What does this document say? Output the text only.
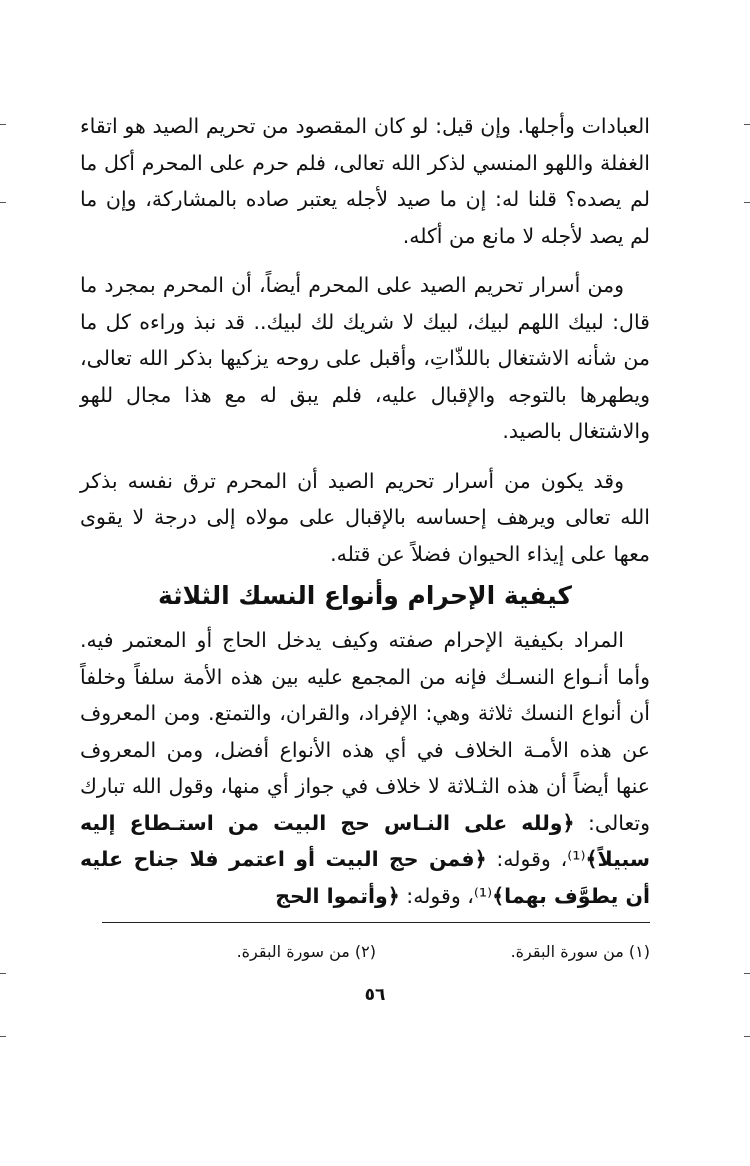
العبادات وأجلها. وإن قيل: لو كان المقصود من تحريم الصيد هو اتقاء الغفلة واللهو المنسي لذكر الله تعالى، فلم حرم على المحرم أكل ما لم يصده؟ قلنا له: إن ما صيد لأجله يعتبر صاده بالمشاركة، وإن ما لم يصد لأجله لا مانع من أكله.

ومن أسرار تحريم الصيد على المحرم أيضاً، أن المحرم بمجرد ما قال: لبيك اللهم لبيك، لبيك لا شريك لك لبيك.. قد نبذ وراءه كل ما من شأنه الاشتغال باللذّاتِ، وأقبل على روحه يزكيها بذكر الله تعالى، ويطهرها بالتوجه والإقبال عليه، فلم يبق له مع هذا مجال للهو والاشتغال بالصيد.

وقد يكون من أسرار تحريم الصيد أن المحرم ترق نفسه بذكر الله تعالى ويرهف إحساسه بالإقبال على مولاه إلى درجة لا يقوى معها على إيذاء الحيوان فضلاً عن قتله.

كيفية الإحرام وأنواع النسك الثلاثة

المراد بكيفية الإحرام صفته وكيف يدخل الحاج أو المعتمر فيه. وأما أنـواع النسـك فإنه من المجمع عليه بين هذه الأمة سلفاً وخلفاً أن أنواع النسك ثلاثة وهي: الإفراد، والقران، والتمتع. ومن المعروف عن هذه الأمـة الخلاف في أي هذه الأنواع أفضل، ومن المعروف عنها أيضاً أن هذه الثـلاثة لا خلاف في جواز أي منها، وقول الله تبارك وتعالى: ﴿ولله على النـاس حج البيت من استـطاع إليه سبيلاً﴾⁽¹⁾، وقوله: ﴿فمن حج البيت أو اعتمر فلا جناح عليه أن يطوَّف بهما﴾⁽¹⁾، وقوله: ﴿وأتموا الحج

(١) من سورة البقرة.
(٢) من سورة البقرة.
٥٦
